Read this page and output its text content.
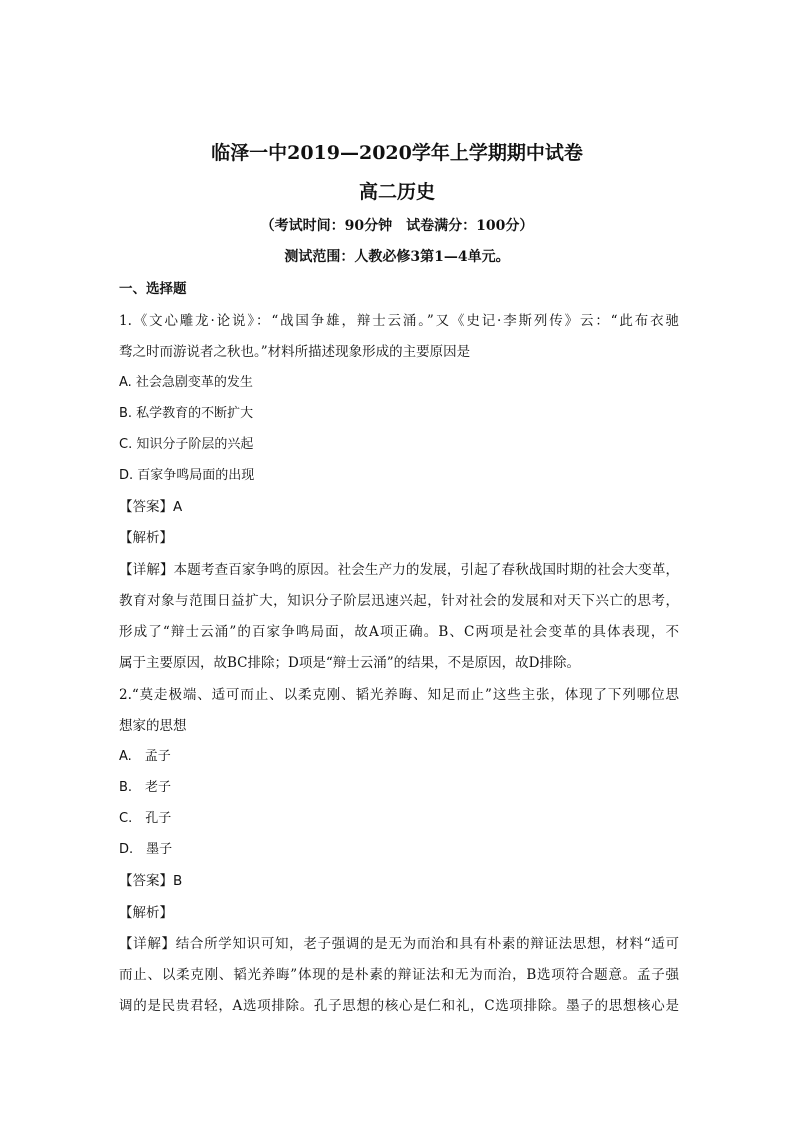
临泽一中2019—2020学年上学期期中试卷
高二历史
（考试时间：90分钟　试卷满分：100分）
测试范围：人教必修3第1—4单元。
一、选择题
1.《文心雕龙·论说》：“战国争雄，辩士云涌。”又《史记·李斯列传》云：“此布衣驰
骛之时而游说者之秋也。”材料所描述现象形成的主要原因是
A. 社会急剧变革的发生
B. 私学教育的不断扩大
C. 知识分子阶层的兴起
D. 百家争鸣局面的出现
【答案】A
【解析】
【详解】本题考查百家争鸣的原因。社会生产力的发展，引起了春秋战国时期的社会大变革，
教育对象与范围日益扩大，知识分子阶层迅速兴起，针对社会的发展和对天下兴亡的思考，
形成了“辩士云涌”的百家争鸣局面，故A项正确。B、C两项是社会变革的具体表现，不
属于主要原因，故BC排除；D项是“辩士云涌”的结果，不是原因，故D排除。
2.“莫走极端、适可而止、以柔克刚、韬光养晦、知足而止”这些主张，体现了下列哪位思
想家的思想
A.　孟子
B.　老子
C.　孔子
D.　墨子
【答案】B
【解析】
【详解】结合所学知识可知，老子强调的是无为而治和具有朴素的辩证法思想，材料“适可
而止、以柔克刚、韬光养晦”体现的是朴素的辩证法和无为而治，B选项符合题意。孟子强
调的是民贵君轻，A选项排除。孔子思想的核心是仁和礼，C选项排除。墨子的思想核心是
